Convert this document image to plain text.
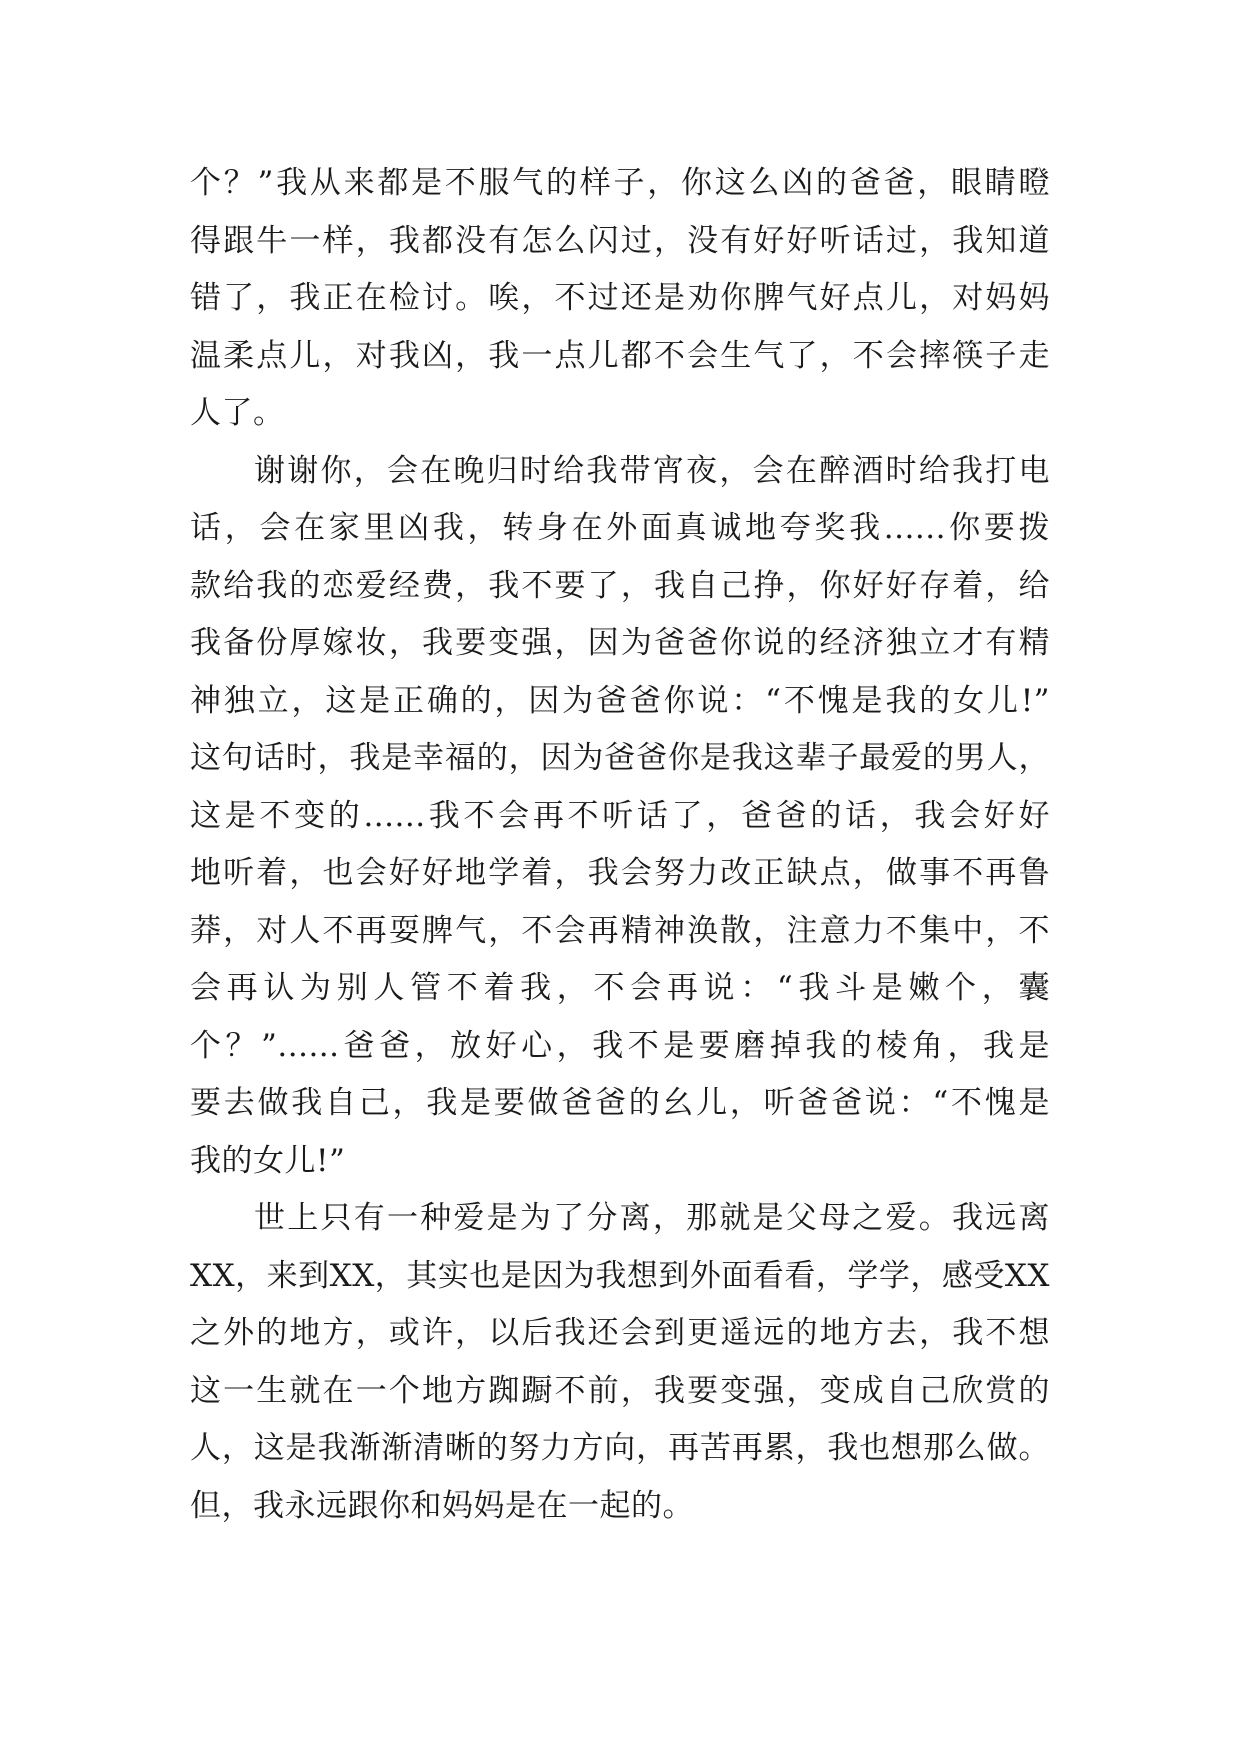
个？”我从来都是不服气的样子，你这么凶的爸爸，眼睛瞪
得跟牛一样，我都没有怎么闪过，没有好好听话过，我知道
错了，我正在检讨。唉，不过还是劝你脾气好点儿，对妈妈
温柔点儿，对我凶，我一点儿都不会生气了，不会摔筷子走
人了。
谢谢你，会在晚归时给我带宵夜，会在醉酒时给我打电
话，会在家里凶我，转身在外面真诚地夸奖我......你要拨
款给我的恋爱经费，我不要了，我自己挣，你好好存着，给
我备份厚嫁妆，我要变强，因为爸爸你说的经济独立才有精
神独立，这是正确的，因为爸爸你说：“不愧是我的女儿!”
这句话时，我是幸福的，因为爸爸你是我这辈子最爱的男人，
这是不变的......我不会再不听话了，爸爸的话，我会好好
地听着，也会好好地学着，我会努力改正缺点，做事不再鲁
莽，对人不再耍脾气，不会再精神涣散，注意力不集中，不
会再认为别人管不着我，不会再说：“我斗是嫩个，囊
个？”......爸爸，放好心，我不是要磨掉我的棱角，我是
要去做我自己，我是要做爸爸的幺儿，听爸爸说：“不愧是
我的女儿!”
世上只有一种爱是为了分离，那就是父母之爱。我远离
XX，来到XX，其实也是因为我想到外面看看，学学，感受XX
之外的地方，或许，以后我还会到更遥远的地方去，我不想
这一生就在一个地方踟蹰不前，我要变强，变成自己欣赏的
人，这是我渐渐清晰的努力方向，再苦再累，我也想那么做。
但，我永远跟你和妈妈是在一起的。
